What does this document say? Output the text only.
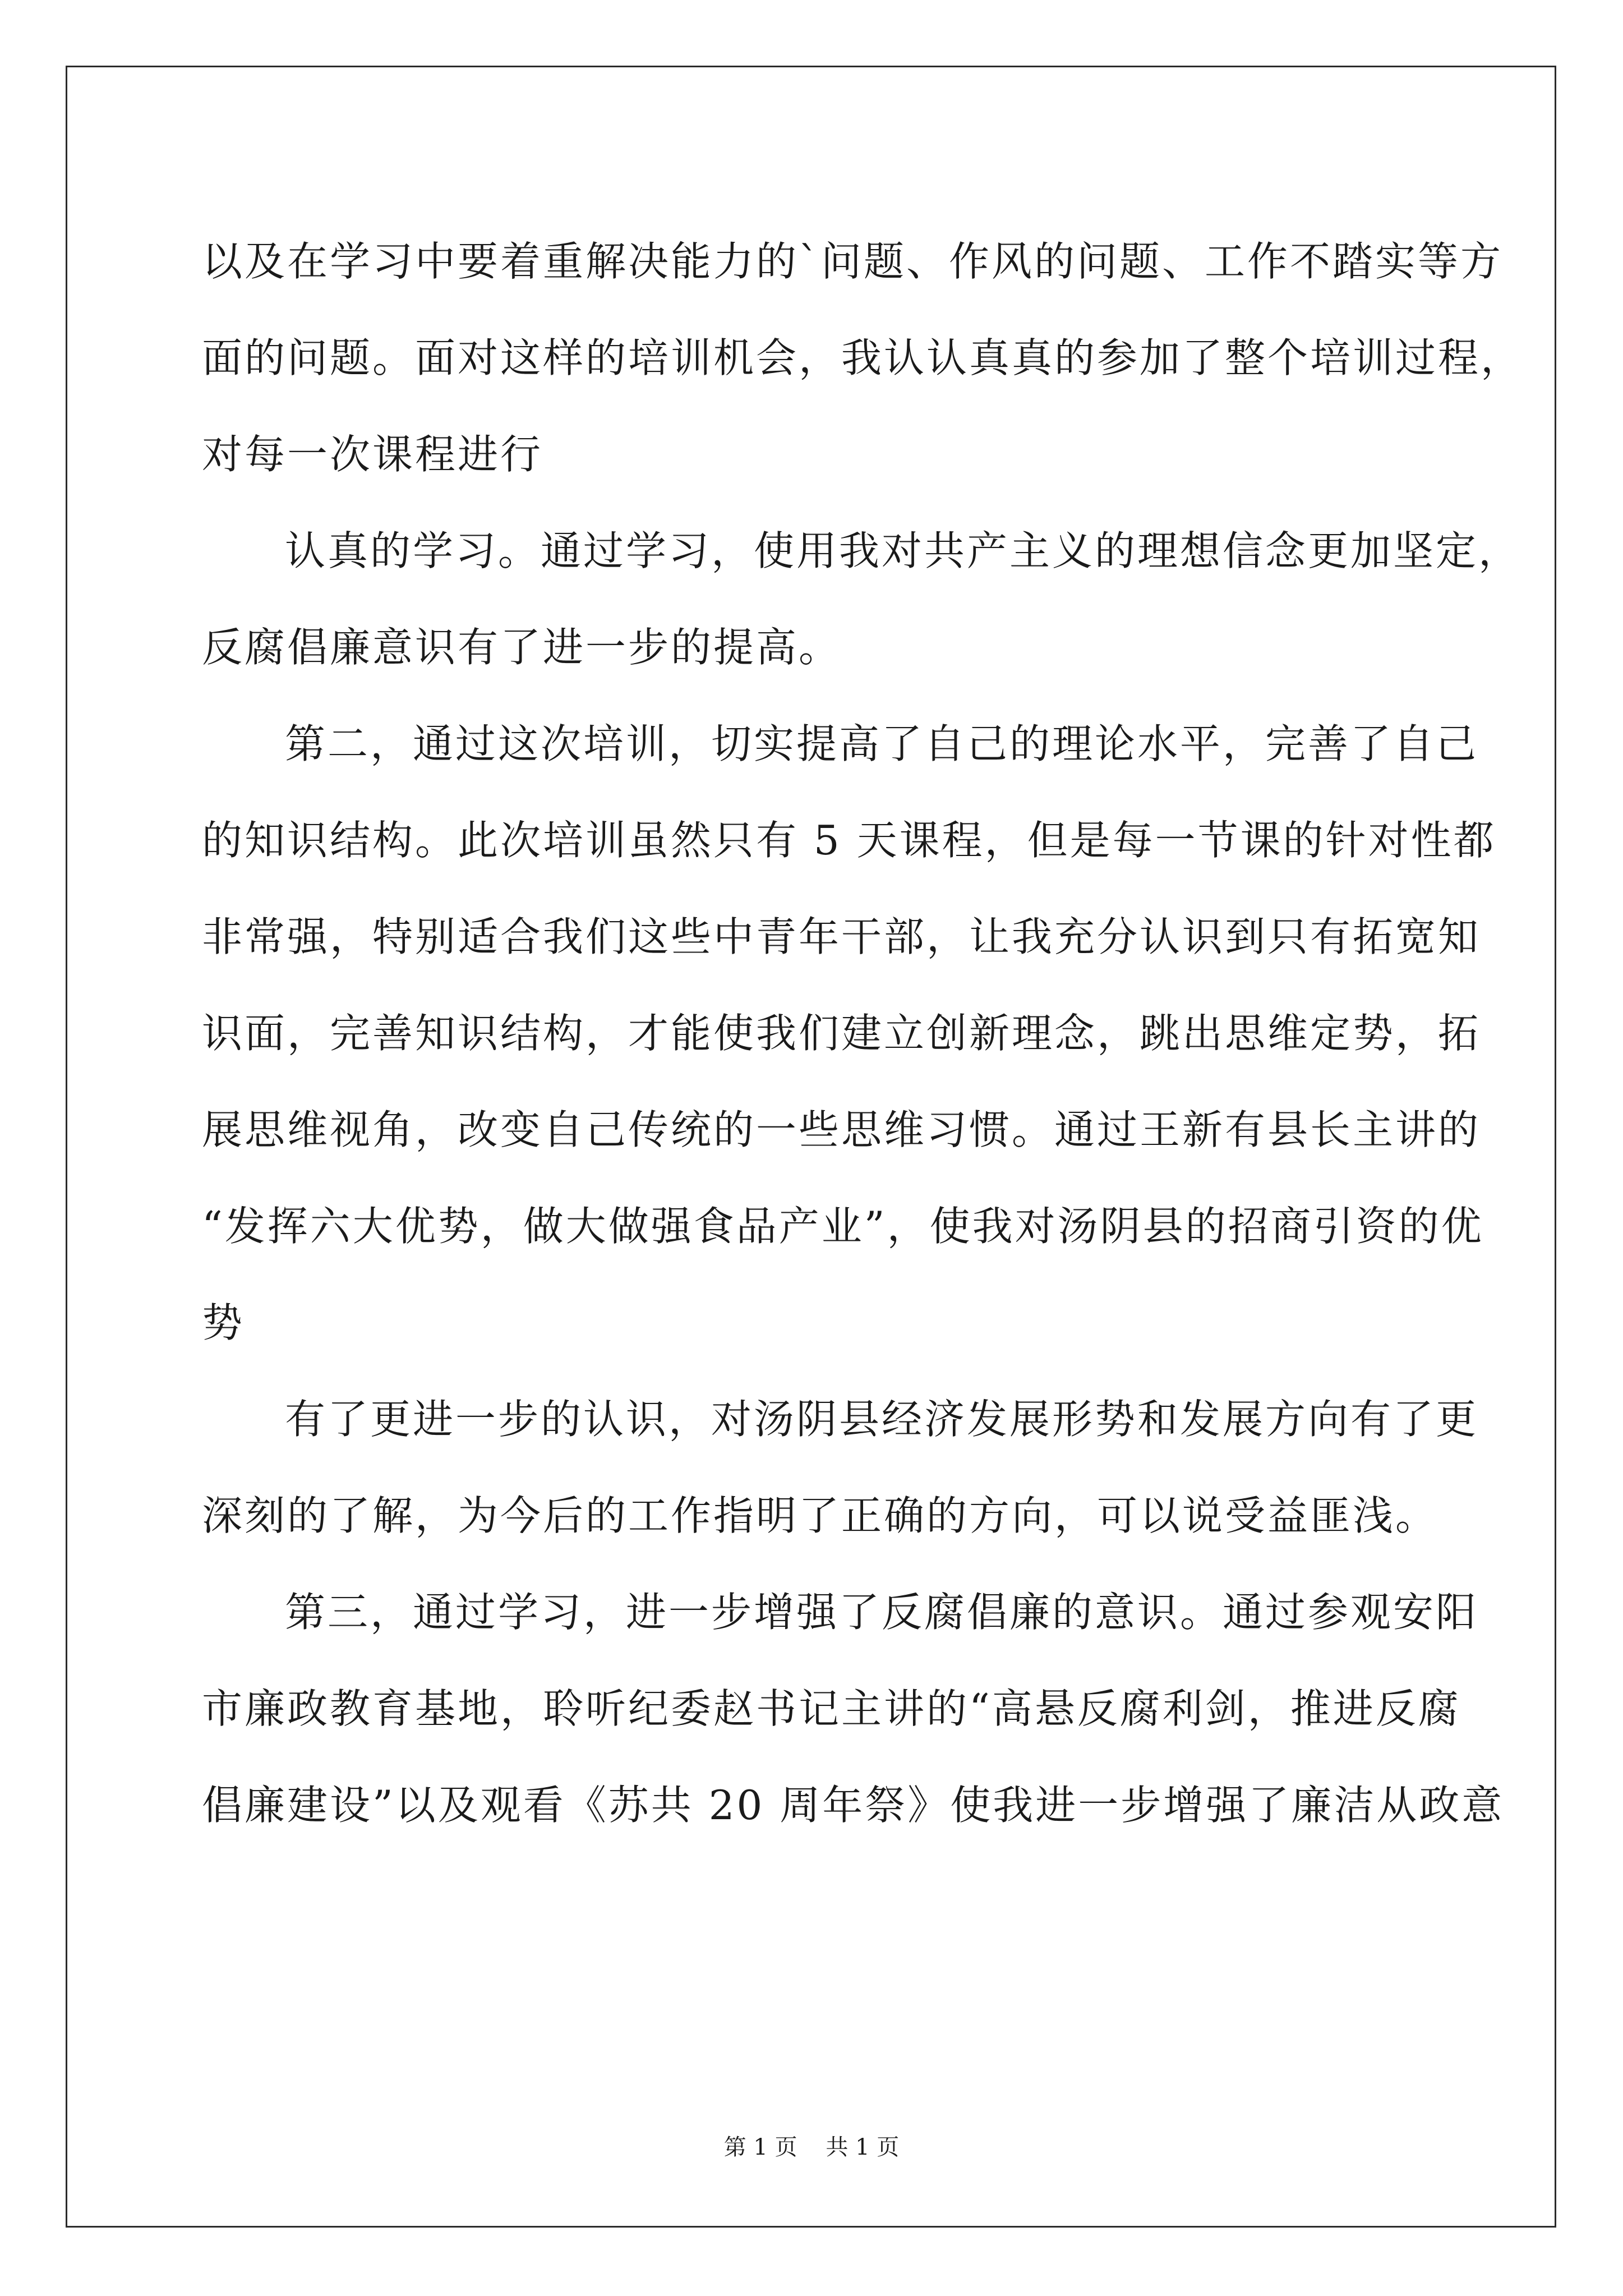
以及在学习中要着重解决能力的`问题、作风的问题、工作不踏实等方
面的问题。面对这样的培训机会，我认认真真的参加了整个培训过程，
对每一次课程进行
认真的学习。通过学习，使用我对共产主义的理想信念更加坚定，
反腐倡廉意识有了进一步的提高。
第二，通过这次培训，切实提高了自己的理论水平，完善了自己
的知识结构。此次培训虽然只有 5 天课程，但是每一节课的针对性都
非常强，特别适合我们这些中青年干部，让我充分认识到只有拓宽知
识面，完善知识结构，才能使我们建立创新理念，跳出思维定势，拓
展思维视角，改变自己传统的一些思维习惯。通过王新有县长主讲的
“发挥六大优势，做大做强食品产业”，使我对汤阴县的招商引资的优
势
有了更进一步的认识，对汤阴县经济发展形势和发展方向有了更
深刻的了解，为今后的工作指明了正确的方向，可以说受益匪浅。
第三，通过学习，进一步增强了反腐倡廉的意识。通过参观安阳
市廉政教育基地，聆听纪委赵书记主讲的“高悬反腐利剑，推进反腐
倡廉建设”以及观看《苏共 20 周年祭》使我进一步增强了廉洁从政意
第 1 页    共 1 页
